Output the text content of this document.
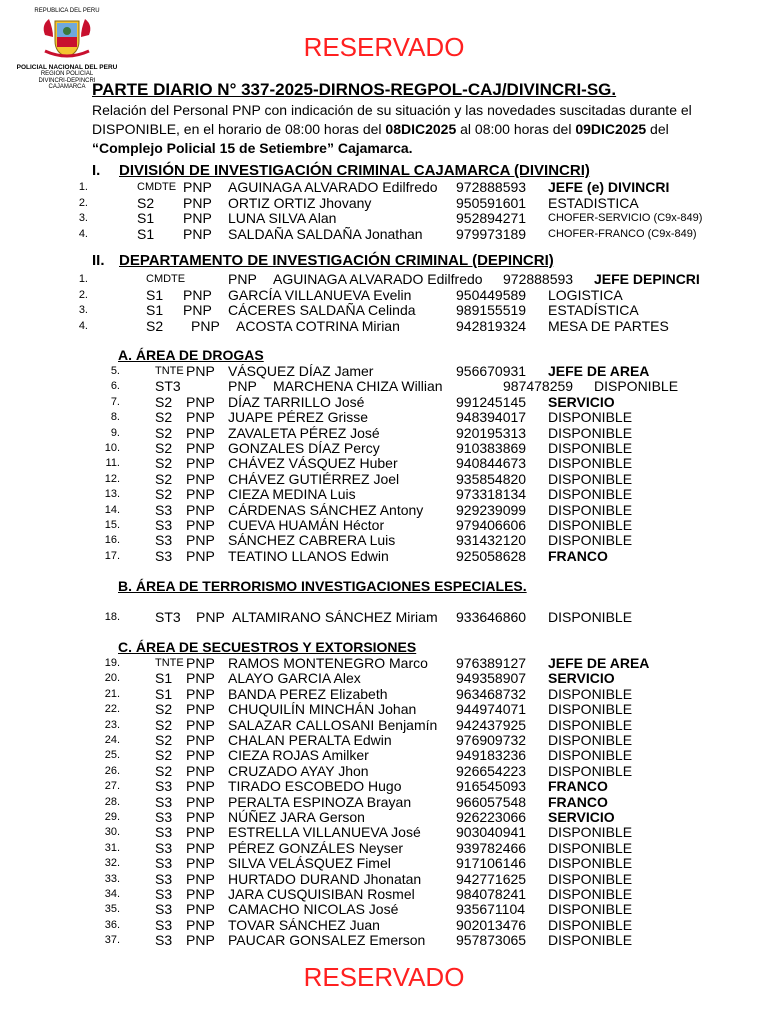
REPUBLICA DEL PERU
POLICIAL NACIONAL DEL PERU
REGION POLICIAL
DIVINCRI-DEPINCRI
CAJAMARCA
RESERVADO
PARTE DIARIO N° 337-2025-DIRNOS-REGPOL-CAJ/DIVINCRI-SG.
Relación del Personal PNP con indicación de su situación y las novedades suscitadas durante el DISPONIBLE, en el horario de 08:00 horas del 08DIC2025 al 08:00 horas del 09DIC2025 del
“Complejo Policial 15 de Setiembre” Cajamarca.
I. DIVISIÓN DE INVESTIGACIÓN CRIMINAL CAJAMARCA (DIVINCRI)
1.	CMDTE PNP AGUINAGA ALVARADO Edilfredo 972888593 JEFE (e) DIVINCRI
2.	S2 PNP ORTIZ ORTIZ Jhovany	950591601 ESTADISTICA
3.	S1 PNP LUNA SILVA Alan	952894271 CHOFER-SERVICIO (C9x-849)
4.	S1 PNP SALDAÑA SALDAÑA Jonathan 979973189 CHOFER-FRANCO (C9x-849)
II. DEPARTAMENTO DE INVESTIGACIÓN CRIMINAL (DEPINCRI)
1.	CMDTE	PNP AGUINAGA ALVARADO Edilfredo 972888593 JEFE DEPINCRI
2.	S1 PNP GARCÍA VILLANUEVA Evelin	950449589 LOGISTICA
3.	S1 PNP CÁCERES SALDAÑA Celinda	989155519 ESTADÍSTICA
4.	S2 PNP ACOSTA COTRINA Mirian	942819324 MESA DE PARTES
A. ÁREA DE DROGAS
5.	TNTE PNP VÁSQUEZ DÍAZ Jamer	956670931 JEFE DE AREA
6.	ST3	PNP MARCHENA CHIZA Willian	987478259 DISPONIBLE
7.	S2 PNP DÍAZ TARRILLO José	991245145 SERVICIO
8.	S2 PNP JUAPE PÉREZ Grisse	948394017 DISPONIBLE
9.	S2 PNP ZAVALETA PÉREZ José	920195313 DISPONIBLE
10.	S2 PNP GONZALES DÍAZ Percy	910383869 DISPONIBLE
11.	S2 PNP CHÁVEZ VÁSQUEZ Huber	940844673 DISPONIBLE
12.	S2 PNP CHÁVEZ GUTIÉRREZ Joel	935854820 DISPONIBLE
13.	S2 PNP CIEZA MEDINA Luis	973318134 DISPONIBLE
14.	S3 PNP CÁRDENAS SÁNCHEZ Antony 929239099 DISPONIBLE
15.	S3 PNP CUEVA HUAMÁN Héctor	979406606 DISPONIBLE
16.	S3 PNP SÁNCHEZ CABRERA Luis	931432120 DISPONIBLE
17.	S3 PNP TEATINO LLANOS Edwin	925058628 FRANCO
B. ÁREA DE TERRORISMO INVESTIGACIONES ESPECIALES.
18.	ST3 PNP ALTAMIRANO SÁNCHEZ Miriam 933646860 DISPONIBLE
C. ÁREA DE SECUESTROS Y EXTORSIONES
19.	TNTE PNP RAMOS MONTENEGRO Marco 976389127 JEFE DE AREA
20.	S1 PNP ALAYO GARCIA Alex	949358907 SERVICIO
21.	S1 PNP BANDA PEREZ Elizabeth	963468732 DISPONIBLE
22.	S2 PNP CHUQUILÍN MINCHÁN Johan	944974071 DISPONIBLE
23.	S2 PNP SALAZAR CALLOSANI Benjamín 942437925 DISPONIBLE
24.	S2 PNP CHALAN PERALTA Edwin	976909732 DISPONIBLE
25.	S2 PNP CIEZA ROJAS Amilker	949183236 DISPONIBLE
26.	S2 PNP CRUZADO AYAY Jhon	926654223 DISPONIBLE
27.	S3 PNP TIRADO ESCOBEDO Hugo	916545093 FRANCO
28.	S3 PNP PERALTA ESPINOZA Brayan	966057548 FRANCO
29.	S3 PNP NÚÑEZ JARA Gerson	926223066 SERVICIO
30.	S3 PNP ESTRELLA VILLANUEVA José	903040941 DISPONIBLE
31.	S3 PNP PÉREZ GONZÁLES Neyser	939782466 DISPONIBLE
32.	S3 PNP SILVA VELÁSQUEZ Fimel	917106146 DISPONIBLE
33.	S3 PNP HURTADO DURAND Jhonatan 942771625 DISPONIBLE
34.	S3 PNP JARA CUSQUISIBAN Rosmel	984078241 DISPONIBLE
35.	S3 PNP CAMACHO NICOLAS José	935671104 DISPONIBLE
36.	S3 PNP TOVAR SÁNCHEZ Juan	902013476 DISPONIBLE
37.	S3 PNP PAUCAR GONSALEZ Emerson 957873065 DISPONIBLE
RESERVADO
